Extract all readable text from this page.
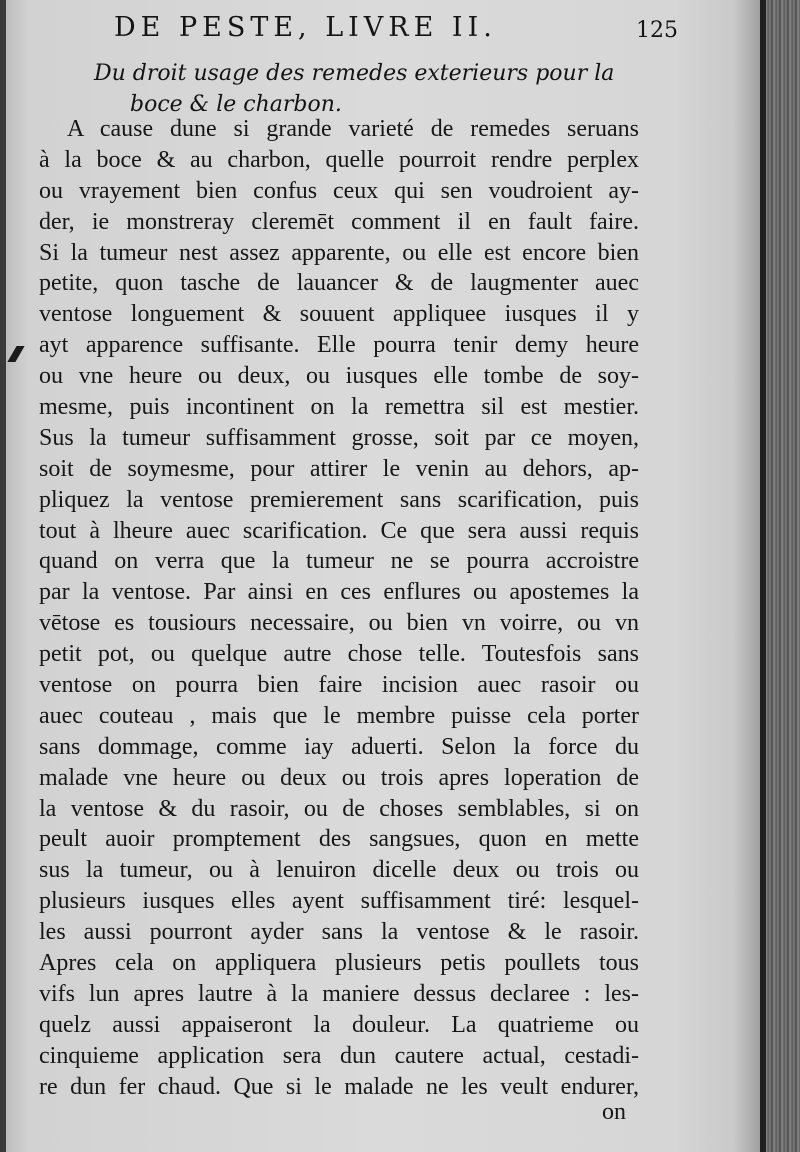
DE PESTE, LIVRE II.	125
Du droit usage des remedes exterieurs pour la
boce & le charbon.
A cause dune si grande varieté de remedes seruans
à la boce & au charbon, quelle pourroit rendre perplex
ou vrayement bien confus ceux qui sen voudroient ay-
der, ie monstreray cleremēt comment il en fault faire.
Si la tumeur nest assez apparente, ou elle est encore bien
petite, quon tasche de lauancer & de laugmenter auec
ventose longuement & souuent appliquee iusques il y
ayt apparence suffisante. Elle pourra tenir demy heure
ou vne heure ou deux, ou iusques elle tombe de soy-
mesme, puis incontinent on la remettra sil est mestier.
Sus la tumeur suffisamment grosse, soit par ce moyen,
soit de soymesme, pour attirer le venin au dehors, ap-
pliquez la ventose premierement sans scarification, puis
tout à lheure auec scarification. Ce que sera aussi requis
quand on verra que la tumeur ne se pourra accroistre
par la ventose. Par ainsi en ces enflures ou apostemes la
vētose es tousiours necessaire, ou bien vn voirre, ou vn
petit pot, ou quelque autre chose telle. Toutesfois sans
ventose on pourra bien faire incision auec rasoir ou
auec couteau , mais que le membre puisse cela porter
sans dommage, comme iay aduerti. Selon la force du
malade vne heure ou deux ou trois apres loperation de
la ventose & du rasoir, ou de choses semblables, si on
peult auoir promptement des sangsues, quon en mette
sus la tumeur, ou à lenuiron dicelle deux ou trois ou
plusieurs iusques elles ayent suffisamment tiré: lesquel-
les aussi pourront ayder sans la ventose & le rasoir.
Apres cela on appliquera plusieurs petis poullets tous
vifs lun apres lautre à la maniere dessus declaree : les-
quelz aussi appaiseront la douleur. La quatrieme ou
cinquieme application sera dun cautere actual, cestadi-
re dun fer chaud. Que si le malade ne les veult endurer,
on
